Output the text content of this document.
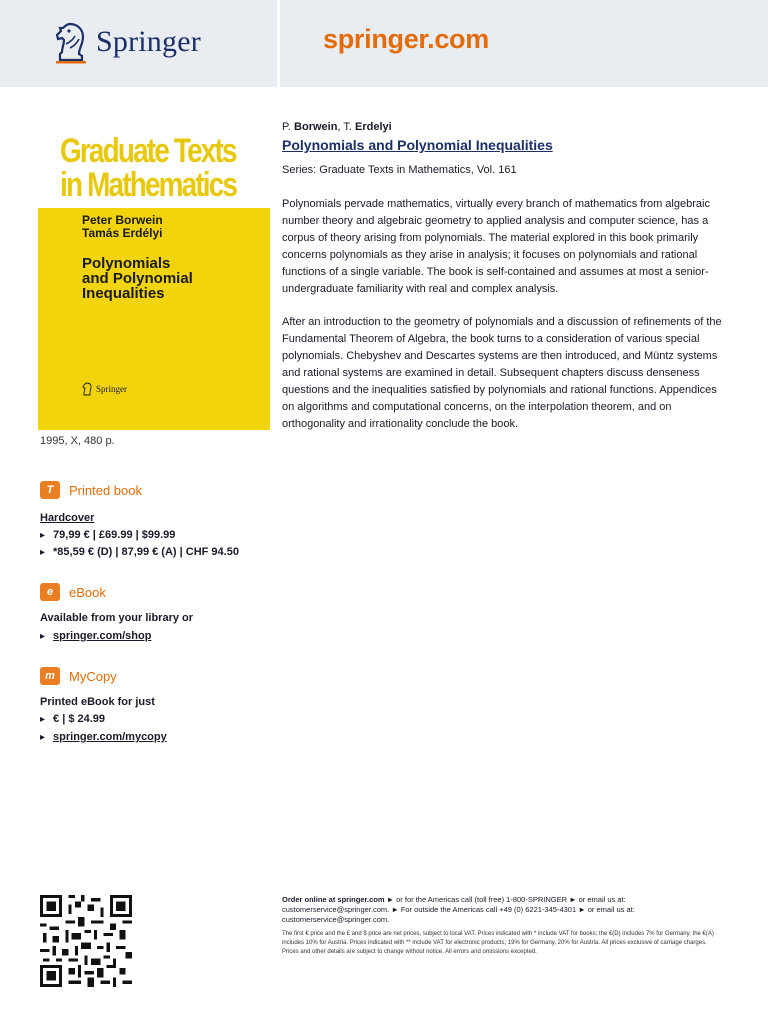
Springer	springer.com
Graduate Texts
in Mathematics
Peter Borwein
Tamás Erdélyi
Polynomials
and Polynomial
Inequalities
Springer
1995, X, 480 p.
T	Printed book
Hardcover
▸ 79,99 € | £69.99 | $99.99
▸ *85,59 € (D) | 87,99 € (A) | CHF 94.50
e	eBook
Available from your library or
▸ springer.com/shop
m	MyCopy
Printed eBook for just
▸ € | $ 24.99
▸ springer.com/mycopy
P. Borwein, T. Erdelyi
Polynomials and Polynomial Inequalities
Series: Graduate Texts in Mathematics, Vol. 161
Polynomials pervade mathematics, virtually every branch of mathematics from algebraic number theory and algebraic geometry to applied analysis and computer science, has a corpus of theory arising from polynomials. The material explored in this book primarily concerns polynomials as they arise in analysis; it focuses on polynomials and rational functions of a single variable. The book is self-contained and assumes at most a senior-undergraduate familiarity with real and complex analysis.
After an introduction to the geometry of polynomials and a discussion of refinements of the Fundamental Theorem of Algebra, the book turns to a consideration of various special polynomials. Chebyshev and Descartes systems are then introduced, and Müntz systems and rational systems are examined in detail. Subsequent chapters discuss denseness questions and the inequalities satisfied by polynomials and rational functions. Appendices on algorithms and computational concerns, on the interpolation theorem, and on orthogonality and irrationality conclude the book.
Order online at springer.com ► or for the Americas call (toll free) 1-800-SPRINGER ► or email us at: customerservice@springer.com. ► For outside the Americas call +49 (0) 6221-345-4301 ► or email us at: customerservice@springer.com.
The first € price and the £ and $ price are net prices, subject to local VAT. Prices indicated with * include VAT for books; the €(D) includes 7% for Germany, the €(A) includes 10% for Austria. Prices indicated with ** include VAT for electronic products; 19% for Germany, 20% for Austria. All prices exclusive of carriage charges. Prices and other details are subject to change without notice. All errors and omissions excepted.
